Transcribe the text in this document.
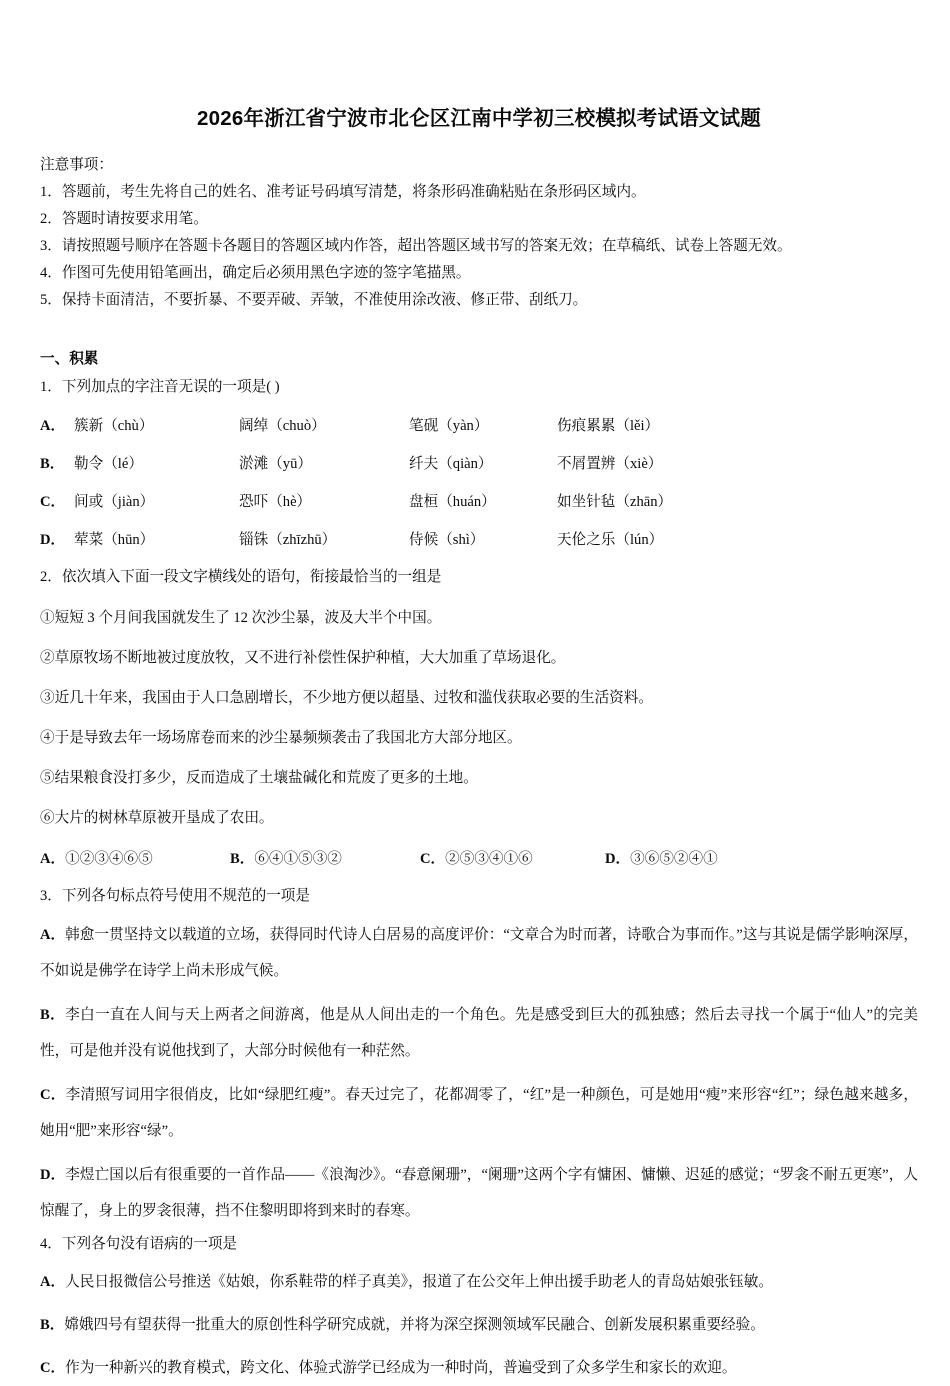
2026年浙江省宁波市北仑区江南中学初三校模拟考试语文试题

注意事项：

1．答题前，考生先将自己的姓名、准考证号码填写清楚，将条形码准确粘贴在条形码区域内。

2．答题时请按要求用笔。

3．请按照题号顺序在答题卡各题目的答题区域内作答，超出答题区域书写的答案无效；在草稿纸、试卷上答题无效。

4．作图可先使用铅笔画出，确定后必须用黑色字迹的签字笔描黑。

5．保持卡面清洁，不要折暴、不要弄破、弄皱，不准使用涂改液、修正带、刮纸刀。

一、积累

1．下列加点的字注音无误的一项是( )

A． 簇新（chù）	阔绰（chuò）	笔砚（yàn）	伤痕累累（lěi）
B． 勒令（lé）	淤滩（yū）	纤夫（qiàn）	不屑置辨（xiè）
C． 间或（jiàn）	恐吓（hè）	盘桓（huán）	如坐针毡（zhān）
D． 荤菜（hūn）	锱铢（zhīzhū）	侍候（shì）	天伦之乐（lún）

2．依次填入下面一段文字横线处的语句，衔接最恰当的一组是

①短短 3 个月间我国就发生了 12 次沙尘暴，波及大半个中国。

②草原牧场不断地被过度放牧，又不进行补偿性保护种植，大大加重了草场退化。

③近几十年来，我国由于人口急剧增长，不少地方便以超垦、过牧和滥伐获取必要的生活资料。

④于是导致去年一场场席卷而来的沙尘暴频频袭击了我国北方大部分地区。

⑤结果粮食没打多少，反而造成了土壤盐碱化和荒废了更多的土地。

⑥大片的树林草原被开垦成了农田。

A．①②③④⑥⑤	B．⑥④①⑤③②	C．②⑤③④①⑥	D．③⑥⑤②④①

3．下列各句标点符号使用不规范的一项是

A．韩愈一贯坚持文以载道的立场，获得同时代诗人白居易的高度评价：“文章合为时而著，诗歌合为事而作。”这与其说是儒学影响深厚，不如说是佛学在诗学上尚未形成气候。

B．李白一直在人间与天上两者之间游离，他是从人间出走的一个角色。先是感受到巨大的孤独感；然后去寻找一个属于“仙人”的完美性，可是他并没有说他找到了，大部分时候他有一种茫然。

C．李清照写词用字很俏皮，比如“绿肥红瘦”。春天过完了，花都凋零了，“红”是一种颜色，可是她用“瘦”来形容“红”；绿色越来越多，她用“肥”来形容“绿”。

D．李煜亡国以后有很重要的一首作品——《浪淘沙》。“春意阑珊”，“阑珊”这两个字有慵困、慵懒、迟延的感觉；“罗衾不耐五更寒”，人惊醒了，身上的罗衾很薄，挡不住黎明即将到来时的春寒。

4．下列各句没有语病的一项是

A．人民日报微信公号推送《姑娘，你系鞋带的样子真美》，报道了在公交年上伸出援手助老人的青岛姑娘张钰敏。

B．嫦娥四号有望获得一批重大的原创性科学研究成就，并将为深空探测领域军民融合、创新发展积累重要经验。

C．作为一种新兴的教育模式，跨文化、体验式游学已经成为一种时尚，普遍受到了众多学生和家长的欢迎。
